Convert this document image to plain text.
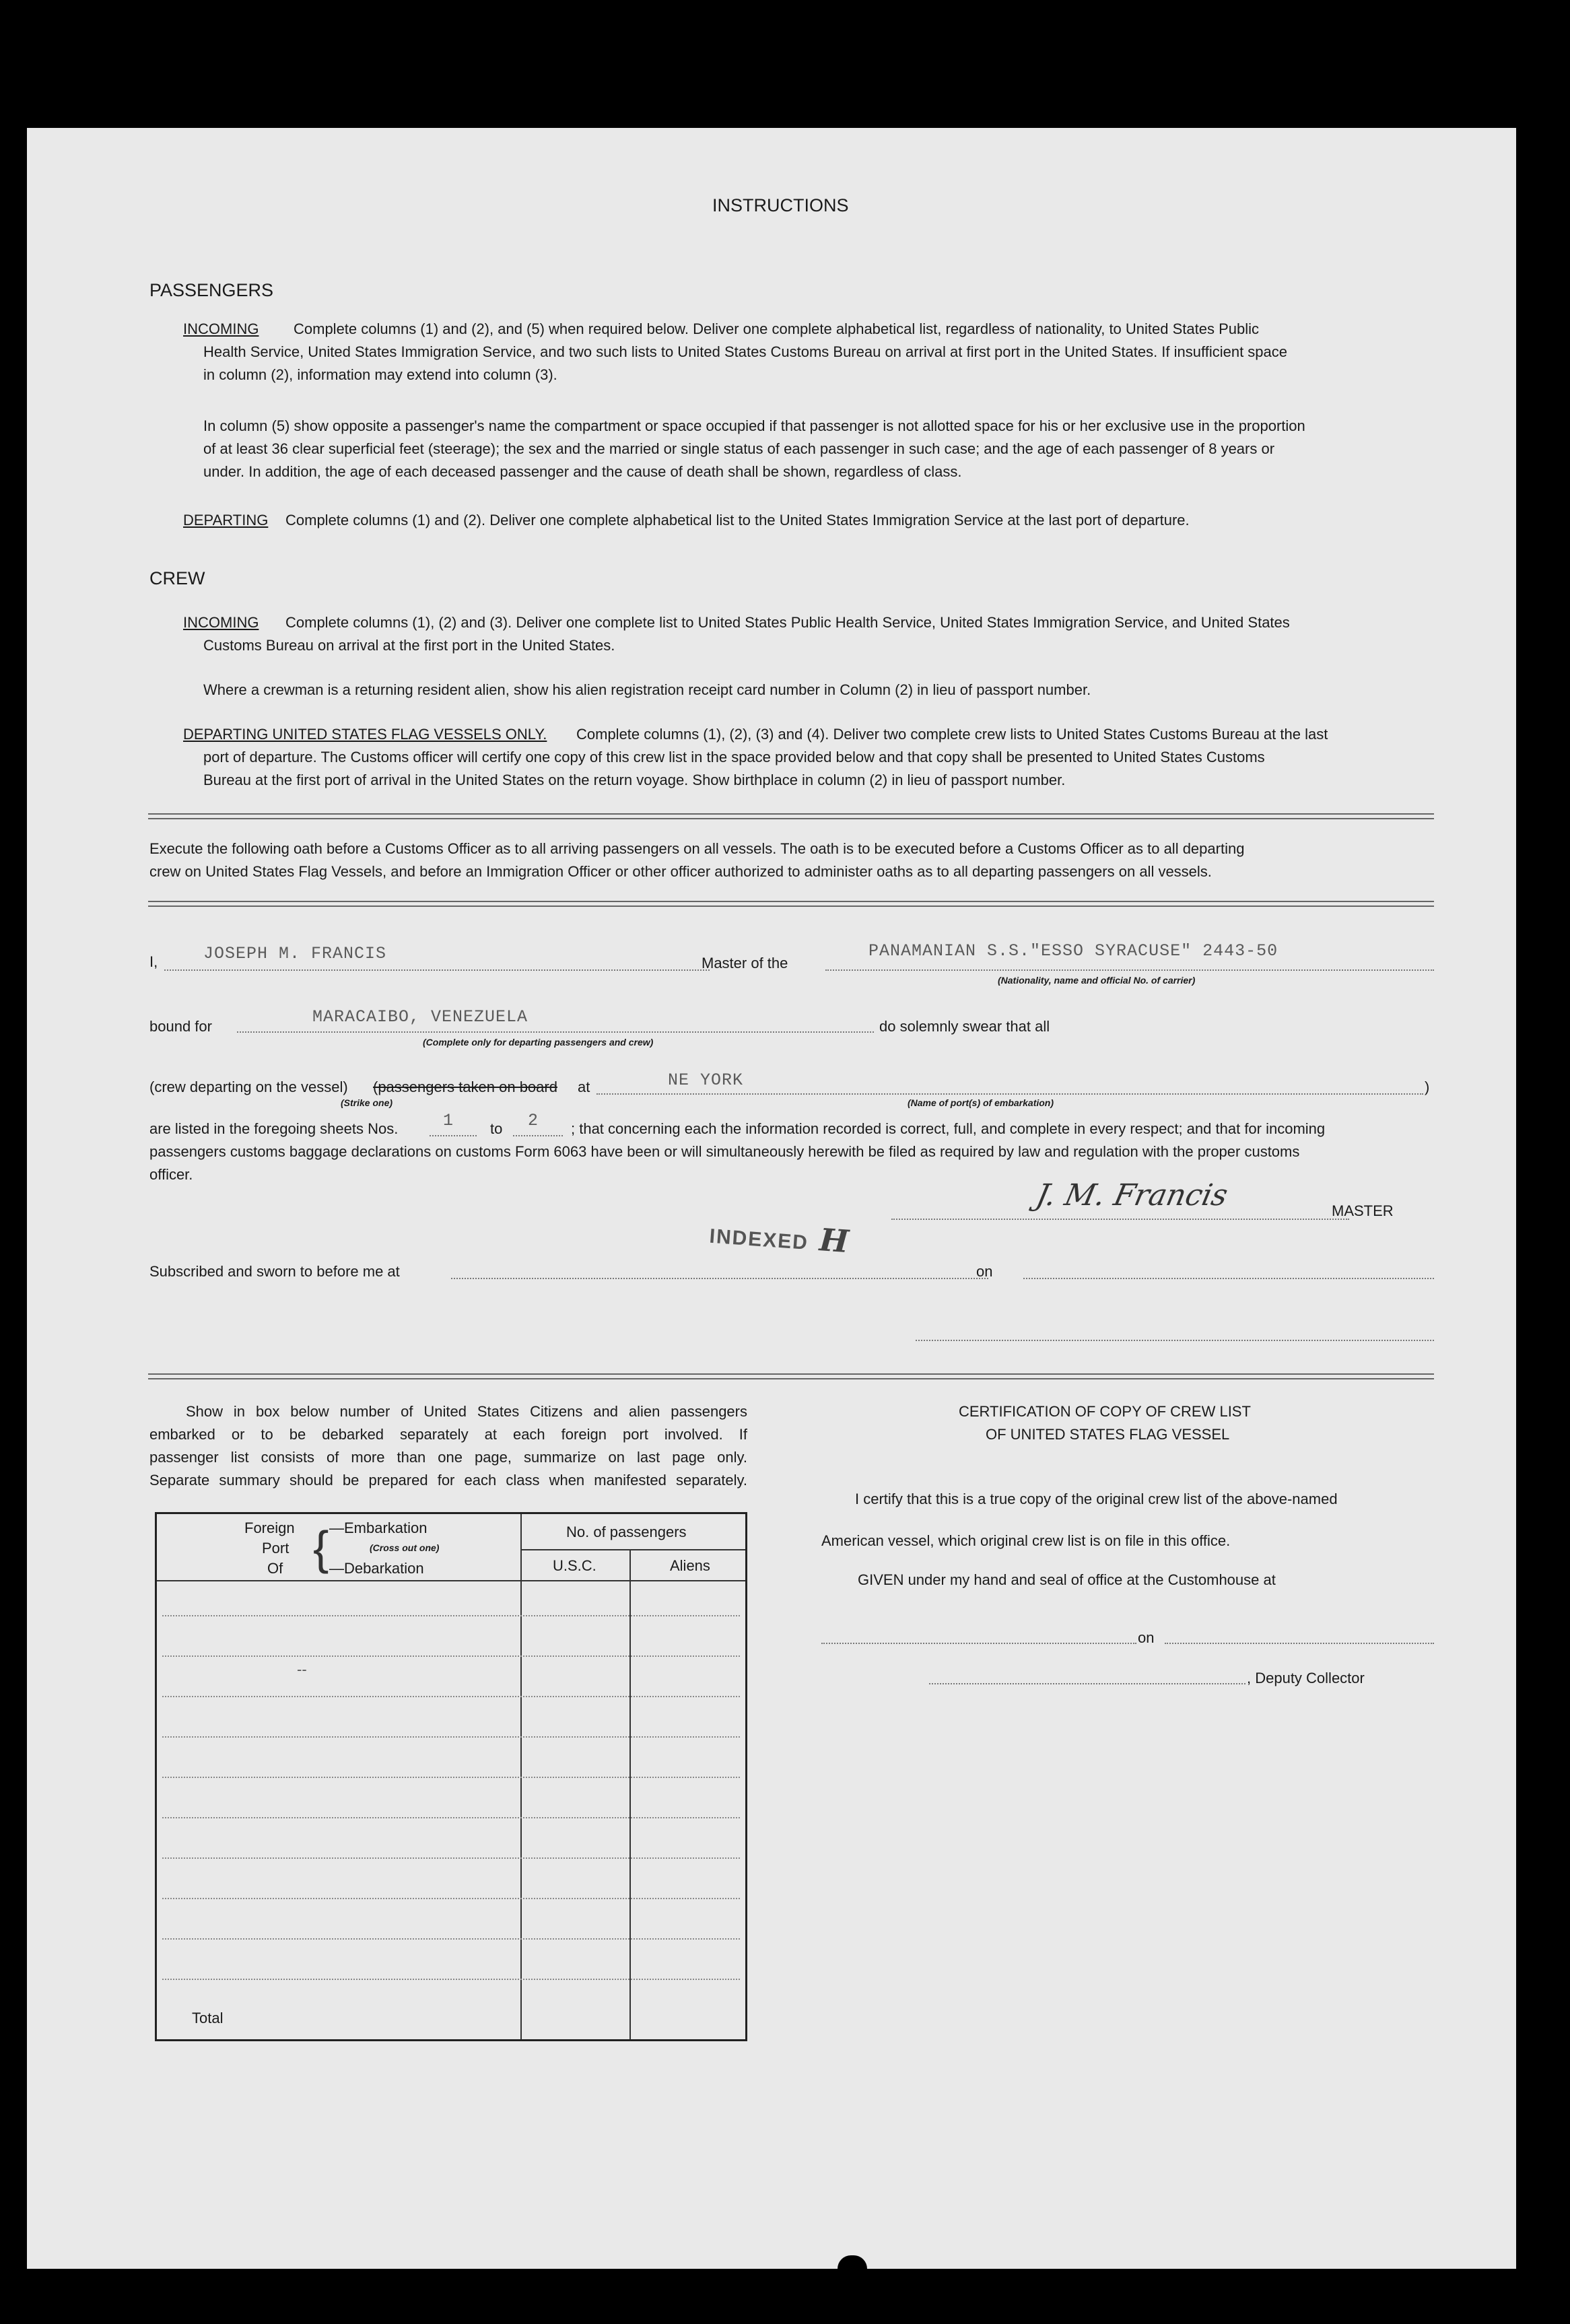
INSTRUCTIONS
PASSENGERS
INCOMING Complete columns (1) and (2), and (5) when required below. Deliver one complete alphabetical list, regardless of nationality, to United States Public
Health Service, United States Immigration Service, and two such lists to United States Customs Bureau on arrival at first port in the United States. If insufficient space
in column (2), information may extend into column (3).
In column (5) show opposite a passenger's name the compartment or space occupied if that passenger is not allotted space for his or her exclusive use in the proportion
of at least 36 clear superficial feet (steerage); the sex and the married or single status of each passenger in such case; and the age of each passenger of 8 years or
under. In addition, the age of each deceased passenger and the cause of death shall be shown, regardless of class.
DEPARTING Complete columns (1) and (2). Deliver one complete alphabetical list to the United States Immigration Service at the last port of departure.
CREW
INCOMING Complete columns (1), (2) and (3). Deliver one complete list to United States Public Health Service, United States Immigration Service, and United States
Customs Bureau on arrival at the first port in the United States.
Where a crewman is a returning resident alien, show his alien registration receipt card number in Column (2) in lieu of passport number.
DEPARTING UNITED STATES FLAG VESSELS ONLY. Complete columns (1), (2), (3) and (4). Deliver two complete crew lists to United States Customs Bureau at the last
port of departure. The Customs officer will certify one copy of this crew list in the space provided below and that copy shall be presented to United States Customs
Bureau at the first port of arrival in the United States on the return voyage. Show birthplace in column (2) in lieu of passport number.
Execute the following oath before a Customs Officer as to all arriving passengers on all vessels. The oath is to be executed before a Customs Officer as to all departing
crew on United States Flag Vessels, and before an Immigration Officer or other officer authorized to administer oaths as to all departing passengers on all vessels.
I,	JOSEPH M. FRANCIS	Master of the
PANAMANIAN S.S."ESSO SYRACUSE" 2443-50
(Nationality, name and official No. of carrier)
bound for	MARACAIBO, VENEZUELA
(Complete only for departing passengers and crew)
do solemnly swear that all
(crew departing on the vessel) (passengers taken on board at	NE YORK	)
(Strike one)	(Name of port(s) of embarkation)
are listed in the foregoing sheets Nos.	1 to 2 ; that concerning each the information recorded is correct, full, and complete in every respect; and that for incoming
passengers customs baggage declarations on customs Form 6063 have been or will simultaneously herewith be filed as required by law and regulation with the proper customs
officer.
J. M. Francis	MASTER
INDEXED H
Subscribed and sworn to before me at	on
Show in box below number of United States Citizens and alien passengers
embarked or to be debarked separately at each foreign port involved. If
passenger list consists of more than one page, summarize on last page only.
Separate summary should be prepared for each class when manifested separately.
Foreign
Port
Of { —Embarkation
(Cross out one)
—Debarkation
No. of passengers
U.S.C.	Aliens
--
Total
CERTIFICATION OF COPY OF CREW LIST
OF UNITED STATES FLAG VESSEL
I certify that this is a true copy of the original crew list of the above-named
American vessel, which original crew list is on file in this office.
GIVEN under my hand and seal of office at the Customhouse at
on
, Deputy Collector
